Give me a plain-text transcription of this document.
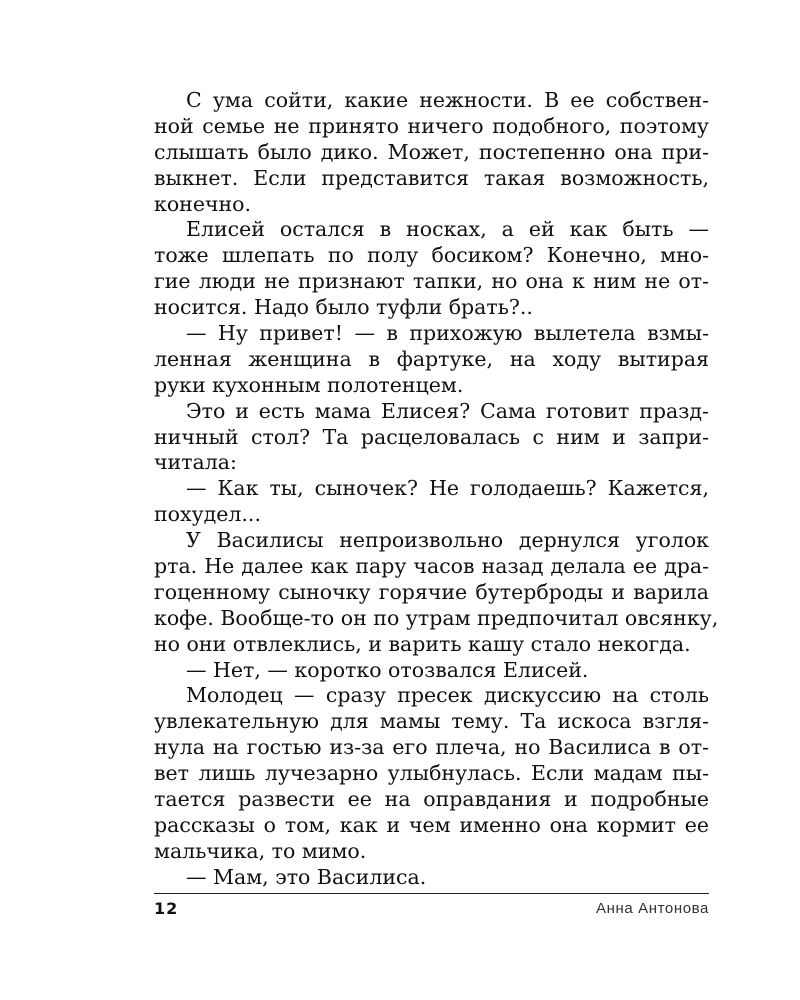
С ума сойти, какие нежности. В ее собствен-
ной семье не принято ничего подобного, поэтому
слышать было дико. Может, постепенно она при-
выкнет. Если представится такая возможность,
конечно.
Елисей остался в носках, а ей как быть —
тоже шлепать по полу босиком? Конечно, мно-
гие люди не признают тапки, но она к ним не от-
носится. Надо было туфли брать?..
— Ну привет! — в прихожую вылетела взмы-
ленная женщина в фартуке, на ходу вытирая
руки кухонным полотенцем.
Это и есть мама Елисея? Сама готовит празд-
ничный стол? Та расцеловалась с ним и запри-
читала:
— Как ты, сыночек? Не голодаешь? Кажется,
похудел...
У Василисы непроизвольно дернулся уголок
рта. Не далее как пару часов назад делала ее дра-
гоценному сыночку горячие бутерброды и варила
кофе. Вообще-то он по утрам предпочитал овсянку,
но они отвлеклись, и варить кашу стало некогда.
— Нет, — коротко отозвался Елисей.
Молодец — сразу пресек дискуссию на столь
увлекательную для мамы тему. Та искоса взгля-
нула на гостью из-за его плеча, но Василиса в от-
вет лишь лучезарно улыбнулась. Если мадам пы-
тается развести ее на оправдания и подробные
рассказы о том, как и чем именно она кормит ее
мальчика, то мимо.
— Мам, это Василиса.
12	Анна Антонова
